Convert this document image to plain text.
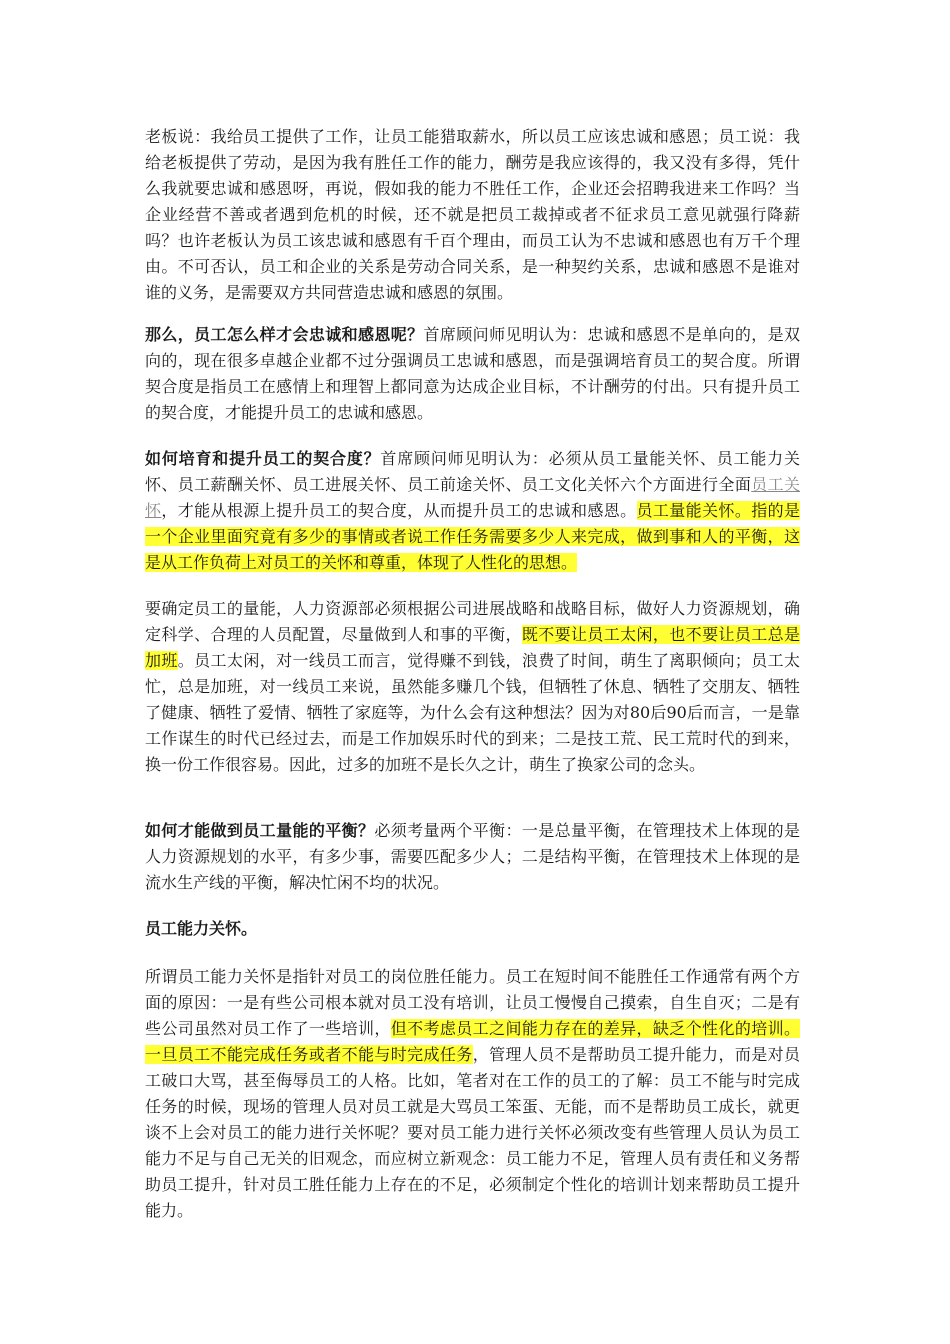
老板说：我给员工提供了工作，让员工能猎取薪水，所以员工应该忠诚和感恩；员工说：我给老板提供了劳动，是因为我有胜任工作的能力，酬劳是我应该得的，我又没有多得，凭什么我就要忠诚和感恩呀，再说，假如我的能力不胜任工作，企业还会招聘我进来工作吗？当企业经营不善或者遇到危机的时候，还不就是把员工裁掉或者不征求员工意见就强行降薪吗？也许老板认为员工该忠诚和感恩有千百个理由，而员工认为不忠诚和感恩也有万千个理由。不可否认，员工和企业的关系是劳动合同关系，是一种契约关系，忠诚和感恩不是谁对谁的义务，是需要双方共同营造忠诚和感恩的氛围。

那么，员工怎么样才会忠诚和感恩呢？首席顾问师见明认为：忠诚和感恩不是单向的，是双向的，现在很多卓越企业都不过分强调员工忠诚和感恩，而是强调培育员工的契合度。所谓契合度是指员工在感情上和理智上都同意为达成企业目标，不计酬劳的付出。只有提升员工的契合度，才能提升员工的忠诚和感恩。

如何培育和提升员工的契合度？首席顾问师见明认为：必须从员工量能关怀、员工能力关怀、员工薪酬关怀、员工进展关怀、员工前途关怀、员工文化关怀六个方面进行全面员工关怀，才能从根源上提升员工的契合度，从而提升员工的忠诚和感恩。员工量能关怀。指的是一个企业里面究竟有多少的事情或者说工作任务需要多少人来完成，做到事和人的平衡，这是从工作负荷上对员工的关怀和尊重，体现了人性化的思想。

要确定员工的量能，人力资源部必须根据公司进展战略和战略目标，做好人力资源规划，确定科学、合理的人员配置，尽量做到人和事的平衡，既不要让员工太闲，也不要让员工总是加班。员工太闲，对一线员工而言，觉得赚不到钱，浪费了时间，萌生了离职倾向；员工太忙，总是加班，对一线员工来说，虽然能多赚几个钱，但牺牲了休息、牺牲了交朋友、牺牲了健康、牺牲了爱情、牺牲了家庭等，为什么会有这种想法？因为对80后90后而言，一是靠工作谋生的时代已经过去，而是工作加娱乐时代的到来；二是技工荒、民工荒时代的到来，换一份工作很容易。因此，过多的加班不是长久之计，萌生了换家公司的念头。

如何才能做到员工量能的平衡？必须考量两个平衡：一是总量平衡，在管理技术上体现的是人力资源规划的水平，有多少事，需要匹配多少人；二是结构平衡，在管理技术上体现的是流水生产线的平衡，解决忙闲不均的状况。

员工能力关怀。

所谓员工能力关怀是指针对员工的岗位胜任能力。员工在短时间不能胜任工作通常有两个方面的原因：一是有些公司根本就对员工没有培训，让员工慢慢自己摸索，自生自灭；二是有些公司虽然对员工作了一些培训，但不考虑员工之间能力存在的差异，缺乏个性化的培训。一旦员工不能完成任务或者不能与时完成任务，管理人员不是帮助员工提升能力，而是对员工破口大骂，甚至侮辱员工的人格。比如，笔者对在工作的员工的了解：员工不能与时完成任务的时候，现场的管理人员对员工就是大骂员工笨蛋、无能，而不是帮助员工成长，就更谈不上会对员工的能力进行关怀呢？要对员工能力进行关怀必须改变有些管理人员认为员工能力不足与自己无关的旧观念，而应树立新观念：员工能力不足，管理人员有责任和义务帮助员工提升，针对员工胜任能力上存在的不足，必须制定个性化的培训计划来帮助员工提升能力。
